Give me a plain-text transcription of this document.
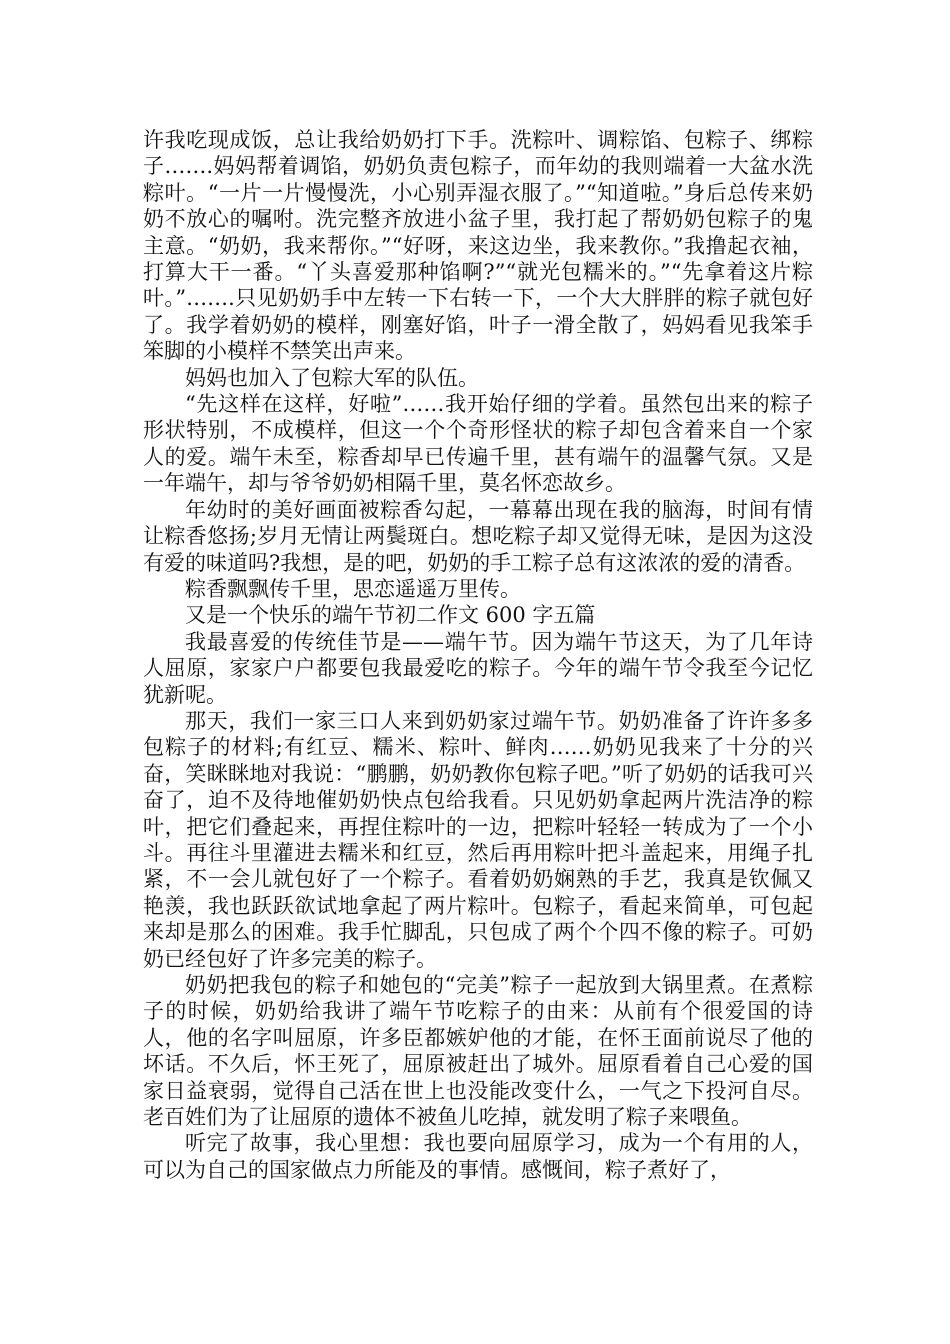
许我吃现成饭，总让我给奶奶打下手。洗粽叶、调粽馅、包粽子、绑粽子…….妈妈帮着调馅，奶奶负责包粽子，而年幼的我则端着一大盆水洗粽叶。“一片一片慢慢洗，小心别弄湿衣服了。”“知道啦。”身后总传来奶奶不放心的嘱咐。洗完整齐放进小盆子里，我打起了帮奶奶包粽子的鬼主意。“奶奶，我来帮你。”“好呀，来这边坐，我来教你。”我撸起衣袖，打算大干一番。“丫头喜爱那种馅啊?”“就光包糯米的。”“先拿着这片粽叶。”…….只见奶奶手中左转一下右转一下，一个大大胖胖的粽子就包好了。我学着奶奶的模样，刚塞好馅，叶子一滑全散了，妈妈看见我笨手笨脚的小模样不禁笑出声来。

妈妈也加入了包粽大军的队伍。

“先这样在这样，好啦”……我开始仔细的学着。虽然包出来的粽子形状特别，不成模样，但这一个个奇形怪状的粽子却包含着来自一个家人的爱。端午未至，粽香却早已传遍千里，甚有端午的温馨气氛。又是一年端午，却与爷爷奶奶相隔千里，莫名怀恋故乡。

年幼时的美好画面被粽香勾起，一幕幕出现在我的脑海，时间有情让粽香悠扬;岁月无情让两鬓斑白。想吃粽子却又觉得无味，是因为这没有爱的味道吗?我想，是的吧，奶奶的手工粽子总有这浓浓的爱的清香。

粽香飘飘传千里，思恋遥遥万里传。

又是一个快乐的端午节初二作文 600 字五篇

我最喜爱的传统佳节是——端午节。因为端午节这天，为了几年诗人屈原，家家户户都要包我最爱吃的粽子。今年的端午节令我至今记忆犹新呢。

那天，我们一家三口人来到奶奶家过端午节。奶奶准备了许许多多包粽子的材料;有红豆、糯米、粽叶、鲜肉……奶奶见我来了十分的兴奋，笑眯眯地对我说：“鹏鹏，奶奶教你包粽子吧。”听了奶奶的话我可兴奋了，迫不及待地催奶奶快点包给我看。只见奶奶拿起两片洗洁净的粽叶，把它们叠起来，再捏住粽叶的一边，把粽叶轻轻一转成为了一个小斗。再往斗里灌进去糯米和红豆，然后再用粽叶把斗盖起来，用绳子扎紧，不一会儿就包好了一个粽子。看着奶奶娴熟的手艺，我真是钦佩又艳羡，我也跃跃欲试地拿起了两片粽叶。包粽子，看起来简单，可包起来却是那么的困难。我手忙脚乱，只包成了两个个四不像的粽子。可奶奶已经包好了许多完美的粽子。

奶奶把我包的粽子和她包的“完美”粽子一起放到大锅里煮。在煮粽子的时候，奶奶给我讲了端午节吃粽子的由来：从前有个很爱国的诗人，他的名字叫屈原，许多臣都嫉妒他的才能，在怀王面前说尽了他的坏话。不久后，怀王死了，屈原被赶出了城外。屈原看着自己心爱的国家日益衰弱，觉得自己活在世上也没能改变什么，一气之下投河自尽。老百姓们为了让屈原的遗体不被鱼儿吃掉，就发明了粽子来喂鱼。

听完了故事，我心里想：我也要向屈原学习，成为一个有用的人，可以为自己的国家做点力所能及的事情。感慨间，粽子煮好了，
